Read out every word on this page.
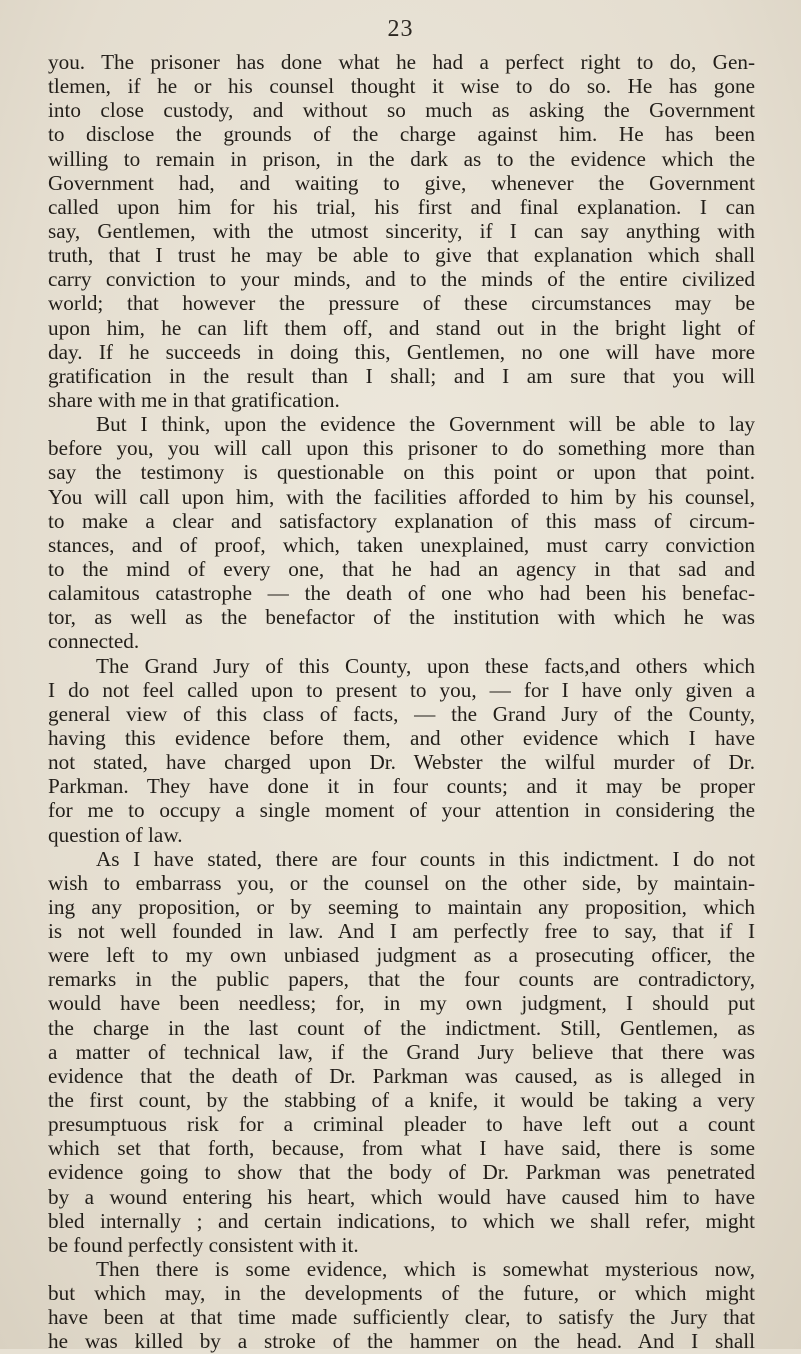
23
you. The prisoner has done what he had a perfect right to do, Gen-
tlemen, if he or his counsel thought it wise to do so. He has gone
into close custody, and without so much as asking the Government
to disclose the grounds of the charge against him. He has been
willing to remain in prison, in the dark as to the evidence which the
Government had, and waiting to give, whenever the Government
called upon him for his trial, his first and final explanation. I can
say, Gentlemen, with the utmost sincerity, if I can say anything with
truth, that I trust he may be able to give that explanation which shall
carry conviction to your minds, and to the minds of the entire civilized
world; that however the pressure of these circumstances may be
upon him, he can lift them off, and stand out in the bright light of
day. If he succeeds in doing this, Gentlemen, no one will have more
gratification in the result than I shall; and I am sure that you will
share with me in that gratification.
But I think, upon the evidence the Government will be able to lay
before you, you will call upon this prisoner to do something more than
say the testimony is questionable on this point or upon that point.
You will call upon him, with the facilities afforded to him by his counsel,
to make a clear and satisfactory explanation of this mass of circum-
stances, and of proof, which, taken unexplained, must carry conviction
to the mind of every one, that he had an agency in that sad and
calamitous catastrophe — the death of one who had been his benefac-
tor, as well as the benefactor of the institution with which he was
connected.
The Grand Jury of this County, upon these facts,and others which
I do not feel called upon to present to you, — for I have only given a
general view of this class of facts, — the Grand Jury of the County,
having this evidence before them, and other evidence which I have
not stated, have charged upon Dr. Webster the wilful murder of Dr.
Parkman. They have done it in four counts; and it may be proper
for me to occupy a single moment of your attention in considering the
question of law.
As I have stated, there are four counts in this indictment. I do not
wish to embarrass you, or the counsel on the other side, by maintain-
ing any proposition, or by seeming to maintain any proposition, which
is not well founded in law. And I am perfectly free to say, that if I
were left to my own unbiased judgment as a prosecuting officer, the
remarks in the public papers, that the four counts are contradictory,
would have been needless; for, in my own judgment, I should put
the charge in the last count of the indictment. Still, Gentlemen, as
a matter of technical law, if the Grand Jury believe that there was
evidence that the death of Dr. Parkman was caused, as is alleged in
the first count, by the stabbing of a knife, it would be taking a very
presumptuous risk for a criminal pleader to have left out a count
which set that forth, because, from what I have said, there is some
evidence going to show that the body of Dr. Parkman was penetrated
by a wound entering his heart, which would have caused him to have
bled internally ; and certain indications, to which we shall refer, might
be found perfectly consistent with it.
Then there is some evidence, which is somewhat mysterious now,
but which may, in the developments of the future, or which might
have been at that time made sufficiently clear, to satisfy the Jury that
he was killed by a stroke of the hammer on the head. And I shall
